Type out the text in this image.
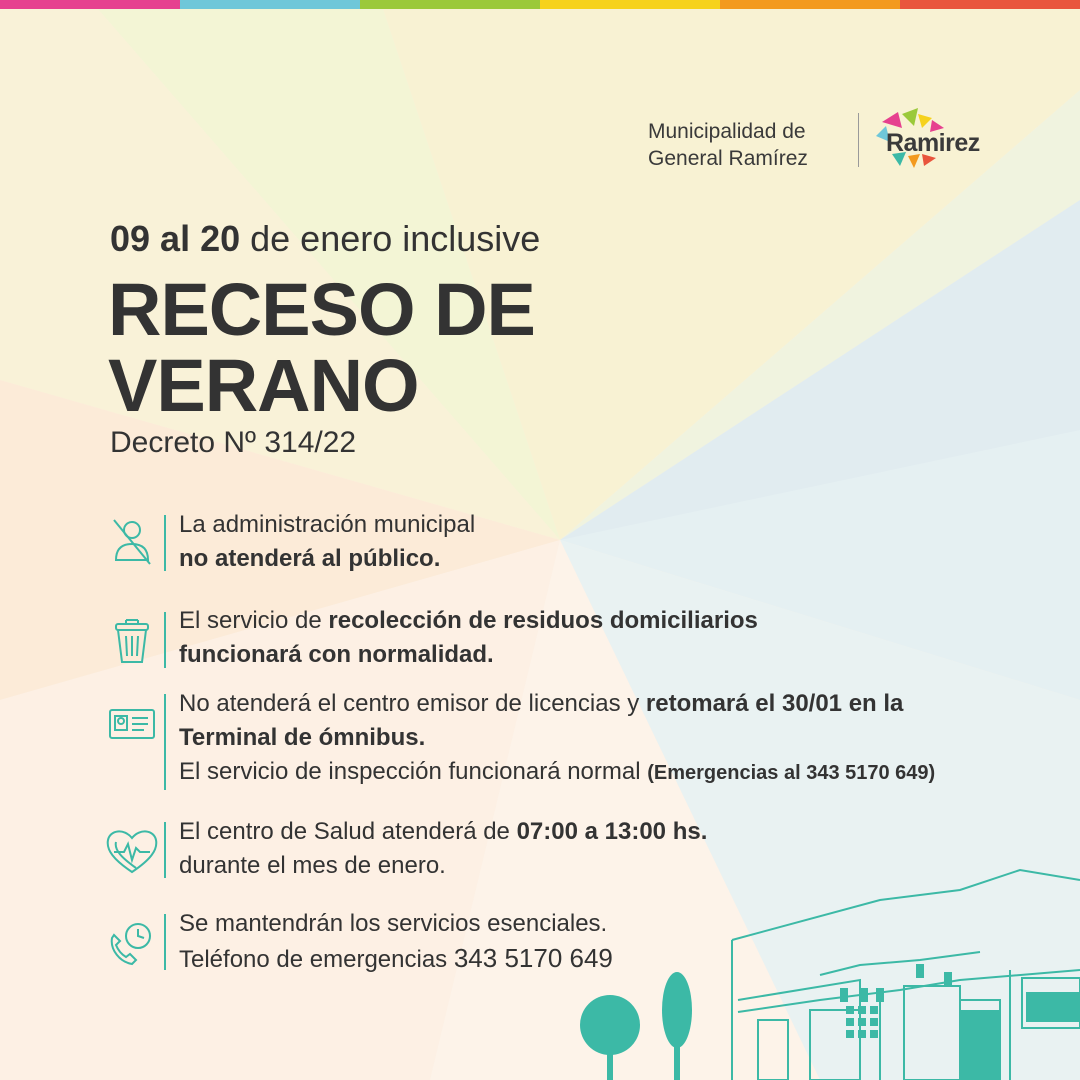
Municipalidad de
General Ramírez
Ramirez
09 al 20 de enero inclusive
RECESO DE
VERANO
Decreto Nº 314/22
La administración municipal
no atenderá al público.
El servicio de recolección de residuos domiciliarios
funcionará con normalidad.
No atenderá el centro emisor de licencias y retomará el 30/01 en la
Terminal de ómnibus.
El servicio de inspección funcionará normal (Emergencias al 343 5170 649)
El centro de Salud atenderá de 07:00 a 13:00 hs.
durante el mes de enero.
Se mantendrán los servicios esenciales.
Teléfono de emergencias 343 5170 649
